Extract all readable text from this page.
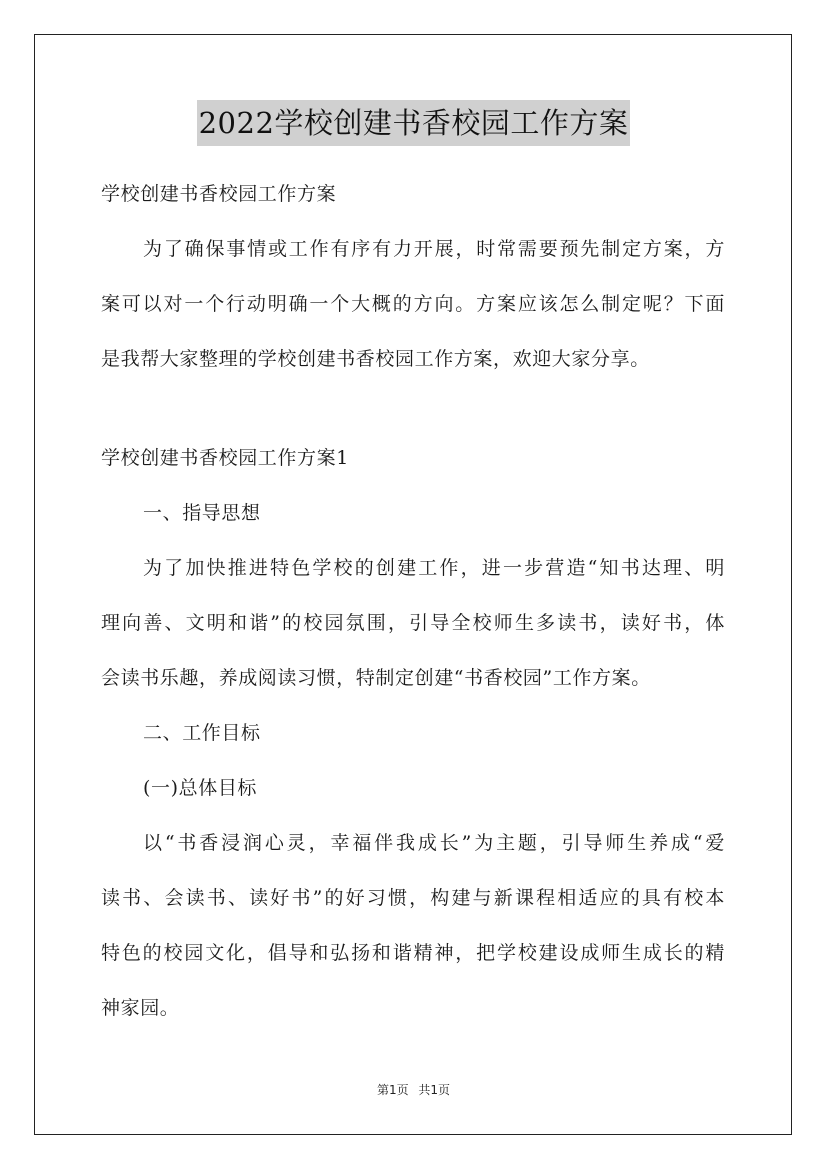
2022学校创建书香校园工作方案
学校创建书香校园工作方案
为了确保事情或工作有序有力开展，时常需要预先制定方案，方
案可以对一个行动明确一个大概的方向。方案应该怎么制定呢？下面
是我帮大家整理的学校创建书香校园工作方案，欢迎大家分享。
学校创建书香校园工作方案1
一、指导思想
为了加快推进特色学校的创建工作，进一步营造“知书达理、明
理向善、文明和谐”的校园氛围，引导全校师生多读书，读好书，体
会读书乐趣，养成阅读习惯，特制定创建“书香校园”工作方案。
二、工作目标
(一)总体目标
以“书香浸润心灵，幸福伴我成长”为主题，引导师生养成“爱
读书、会读书、读好书”的好习惯，构建与新课程相适应的具有校本
特色的校园文化，倡导和弘扬和谐精神，把学校建设成师生成长的精
神家园。
第1页 共1页
